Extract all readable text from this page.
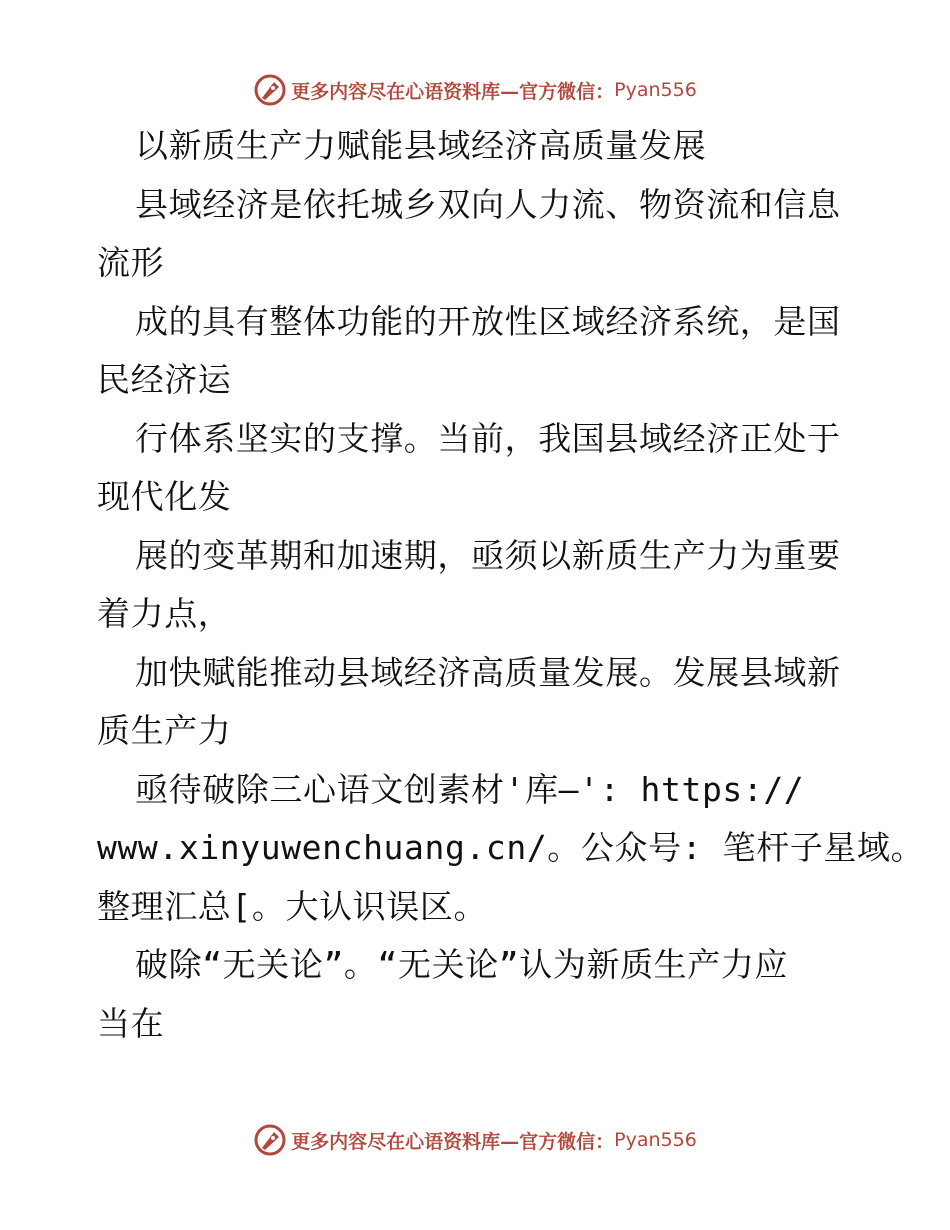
更多内容尽在心语资料库—官方微信： Pyan556
以新质生产力赋能县域经济高质量发展
县域经济是依托城乡双向人力流、物资流和信息
流形
成的具有整体功能的开放性区域经济系统，是国
民经济运
行体系坚实的支撑。当前，我国县域经济正处于
现代化发
展的变革期和加速期，亟须以新质生产力为重要
着力点，
加快赋能推动县域经济高质量发展。发展县域新
质生产力
亟待破除三心语文创素材'库—': https://
www.xinyuwenchuang.cn/。公众号: 笔杆子星域。
整理汇总[。大认识误区。
破除“无关论”。“无关论”认为新质生产力应
当在
更多内容尽在心语资料库—官方微信： Pyan556
